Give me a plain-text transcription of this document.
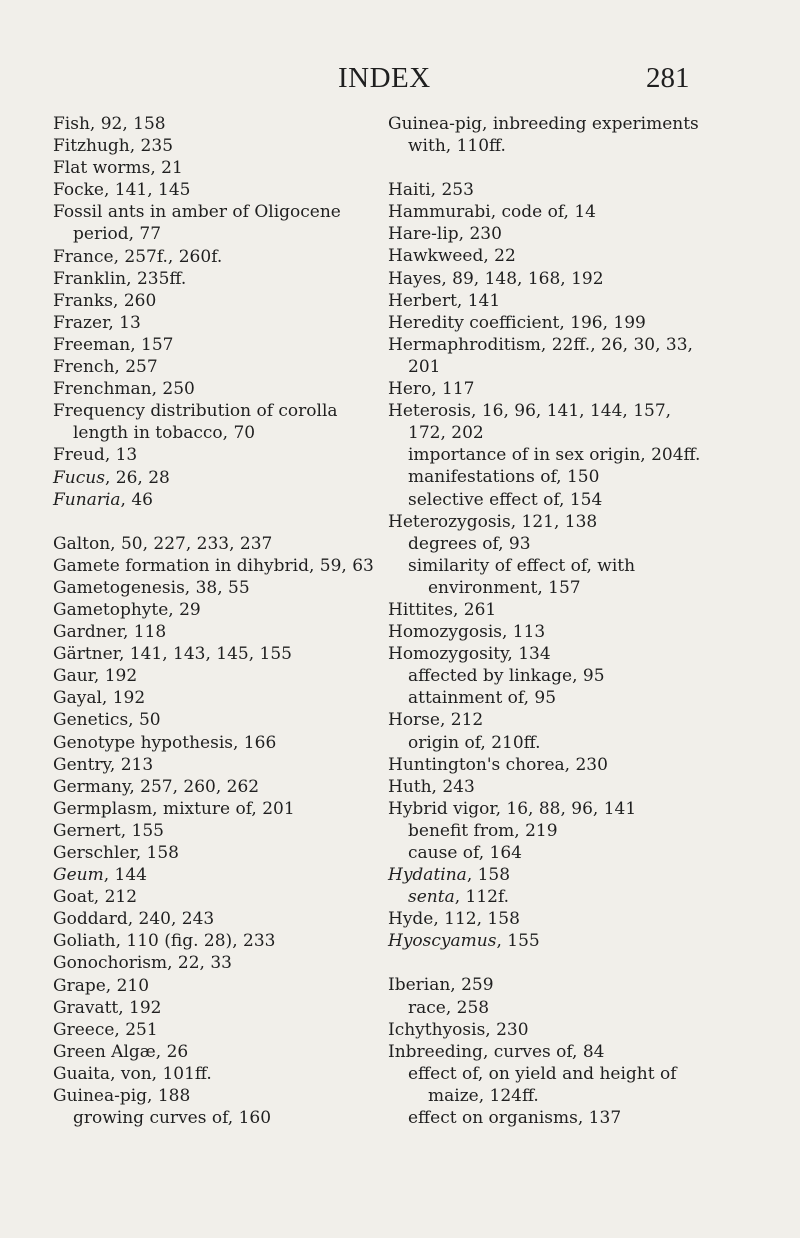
INDEX	281
Fish, 92, 158
Fitzhugh, 235
Flat worms, 21
Focke, 141, 145
Fossil ants in amber of Oligocene period, 77
France, 257f., 260f.
Franklin, 235ff.
Franks, 260
Frazer, 13
Freeman, 157
French, 257
Frenchman, 250
Frequency distribution of corolla length in tobacco, 70
Freud, 13
Fucus, 26, 28
Funaria, 46
Galton, 50, 227, 233, 237
Gamete formation in dihybrid, 59, 63
Gametogenesis, 38, 55
Gametophyte, 29
Gardner, 118
Gärtner, 141, 143, 145, 155
Gaur, 192
Gayal, 192
Genetics, 50
Genotype hypothesis, 166
Gentry, 213
Germany, 257, 260, 262
Germplasm, mixture of, 201
Gernert, 155
Gerschler, 158
Geum, 144
Goat, 212
Goddard, 240, 243
Goliath, 110 (fig. 28), 233
Gonochorism, 22, 33
Grape, 210
Gravatt, 192
Greece, 251
Green Algæ, 26
Guaita, von, 101ff.
Guinea-pig, 188
growing curves of, 160
Guinea-pig, inbreeding experiments with, 110ff.
Haiti, 253
Hammurabi, code of, 14
Hare-lip, 230
Hawkweed, 22
Hayes, 89, 148, 168, 192
Herbert, 141
Heredity coefficient, 196, 199
Hermaphroditism, 22ff., 26, 30, 33, 201
Hero, 117
Heterosis, 16, 96, 141, 144, 157, 172, 202
importance of in sex origin, 204ff.
manifestations of, 150
selective effect of, 154
Heterozygosis, 121, 138
degrees of, 93
similarity of effect of, with environment, 157
Hittites, 261
Homozygosis, 113
Homozygosity, 134
affected by linkage, 95
attainment of, 95
Horse, 212
origin of, 210ff.
Huntington's chorea, 230
Huth, 243
Hybrid vigor, 16, 88, 96, 141
benefit from, 219
cause of, 164
Hydatina, 158
senta, 112f.
Hyde, 112, 158
Hyoscyamus, 155
Iberian, 259
race, 258
Ichythyosis, 230
Inbreeding, curves of, 84
effect of, on yield and height of maize, 124ff.
effect on organisms, 137
